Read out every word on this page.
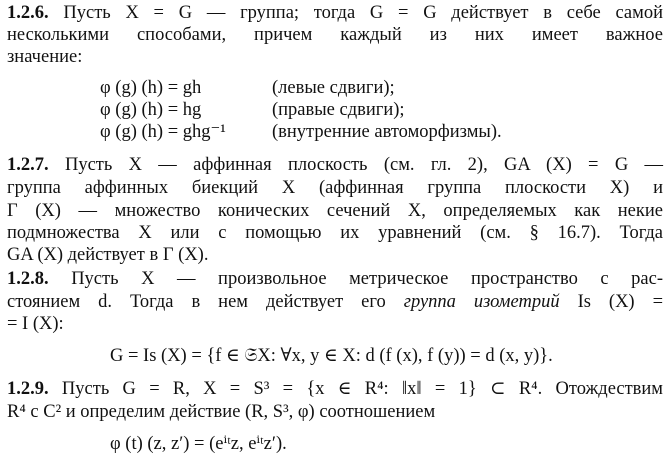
1.2.6. Пусть X = G — группа; тогда G = G действует в себе самой
несколькими способами, причем каждый из них имеет важное
значение:
φ (g) (h) = gh	(левые сдвиги);
φ (g) (h) = hg	(правые сдвиги);
φ (g) (h) = ghg⁻¹ (внутренние автоморфизмы).
1.2.7. Пусть X — аффинная плоскость (см. гл. 2), GA (X) = G —
группа аффинных биекций X (аффинная группа плоскости X) и
Γ (X) — множество конических сечений X, определяемых как некие
подмножества X или с помощью их уравнений (см. § 16.7). Тогда
GA (X) действует в Γ (X).
1.2.8. Пусть X — произвольное метрическое пространство с рас-
стоянием d. Тогда в нем действует его группа изометрий Is (X) =
= I (X):
G = Is (X) = {f ∈ 𝔖X: ∀x, y ∈ X: d (f (x), f (y)) = d (x, y)}.
1.2.9. Пусть G = R, X = S³ = {x ∈ R⁴: ‖x‖ = 1} ⊂ R⁴. Отождествим
R⁴ с C² и определим действие (R, S³, φ) соотношением
φ (t) (z, z′) = (eⁱᵗz, eⁱᵗz′).
